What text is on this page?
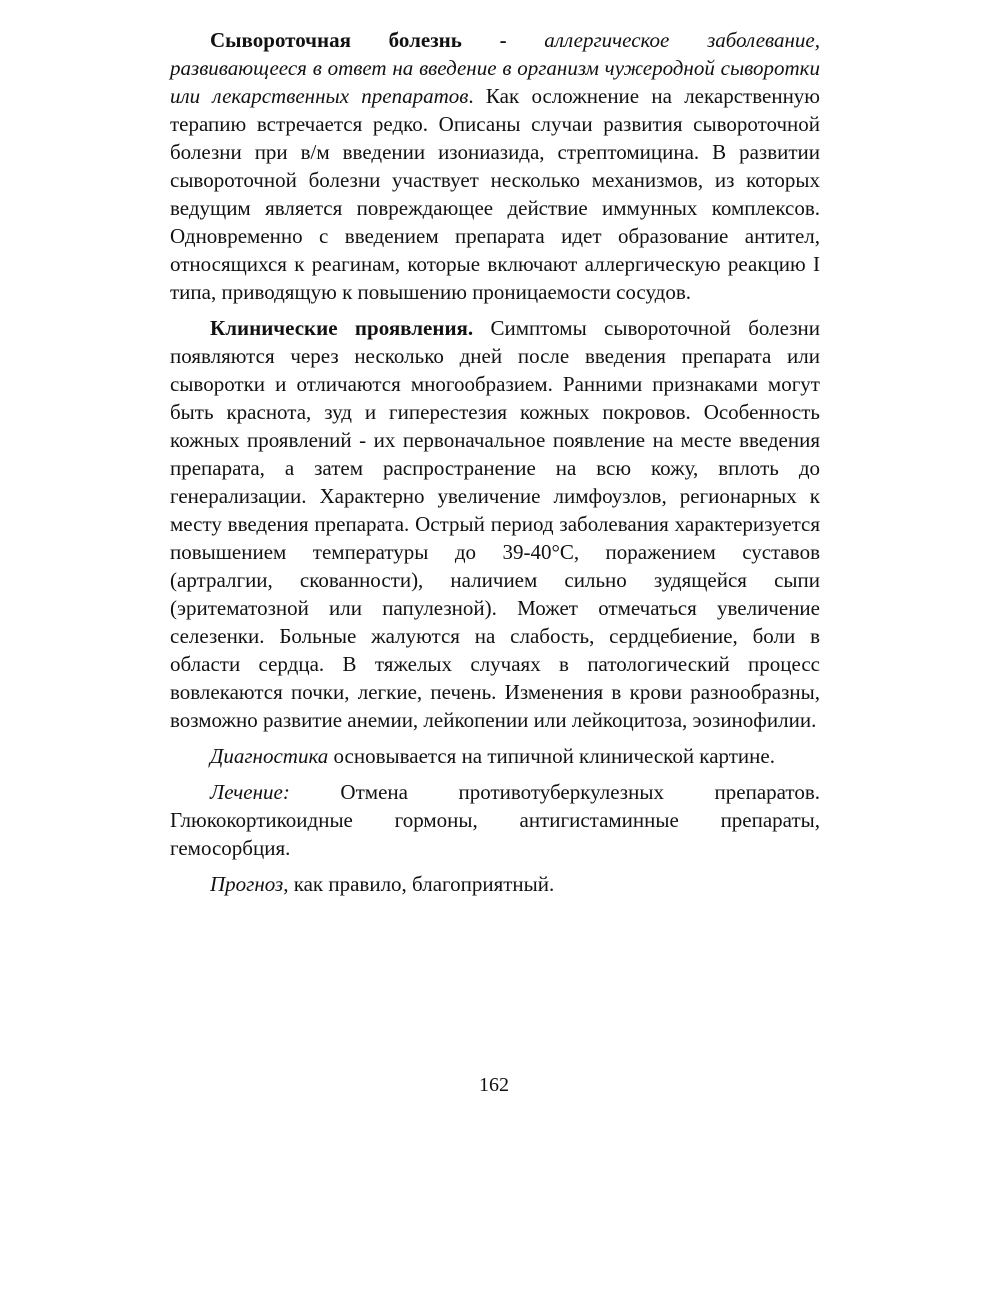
Сывороточная болезнь - аллергическое заболевание, развивающееся в ответ на введение в организм чужеродной сыворотки или лекарственных препаратов. Как осложнение на лекарственную терапию встречается редко. Описаны случаи развития сывороточной болезни при в/м введении изониазида, стрептомицина. В развитии сывороточной болезни участвует несколько механизмов, из которых ведущим является повреждающее действие иммунных комплексов. Одновременно с введением препарата идет образование антител, относящихся к реагинам, которые включают аллергическую реакцию I типа, приводящую к повышению проницаемости сосудов.

Клинические проявления. Симптомы сывороточной болезни появляются через несколько дней после введения препарата или сыворотки и отличаются многообразием. Ранними признаками могут быть краснота, зуд и гиперестезия кожных покровов. Особенность кожных проявлений - их первоначальное появление на месте введения препарата, а затем распространение на всю кожу, вплоть до генерализации. Характерно увеличение лимфоузлов, регионарных к месту введения препарата. Острый период заболевания характеризуется повышением температуры до 39-40°С, поражением суставов (артралгии, скованности), наличием сильно зудящейся сыпи (эритематозной или папулезной). Может отмечаться увеличение селезенки. Больные жалуются на слабость, сердцебиение, боли в области сердца. В тяжелых случаях в патологический процесс вовлекаются почки, легкие, печень. Изменения в крови разнообразны, возможно развитие анемии, лейкопении или лейкоцитоза, эозинофилии.

Диагностика основывается на типичной клинической картине.

Лечение: Отмена противотуберкулезных препаратов. Глюкокортикоидные гормоны, антигистаминные препараты, гемосорбция.

Прогноз, как правило, благоприятный.

162
